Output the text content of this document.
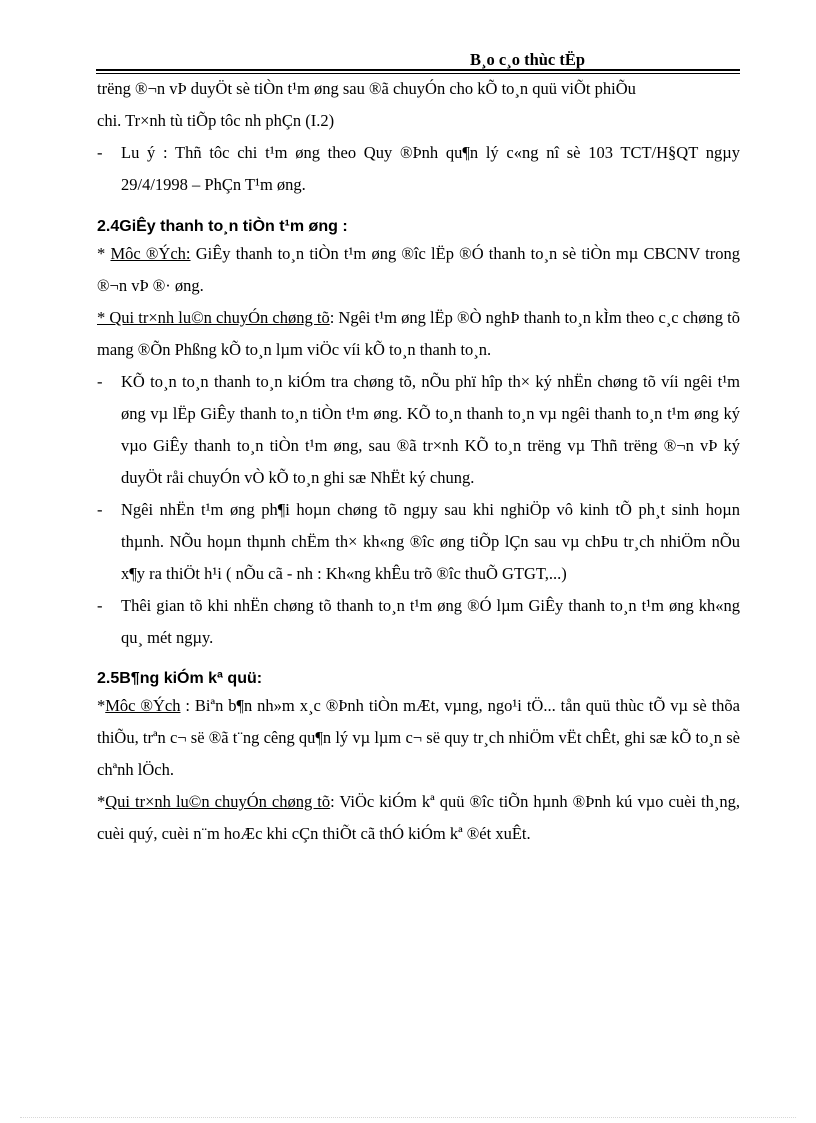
B¸o c¸o thùc tËp

trëng ®¬n vÞ duyÖt sè tiÒn t¹m øng sau ®ã chuyÓn cho kÕ to¸n quü viÕt phiÕu

chi. Tr×nh tù tiÕp tôc nh phÇn (I.2)

- Lu ý : Thñ tôc chi t¹m øng theo Quy ®Þnh qu¶n lý c«ng nî sè 103 TCT/H§QT ngµy 29/4/1998 – PhÇn T¹m øng.

2.4GiÊy thanh to¸n tiÒn t¹m øng :

* Môc ®Ých: GiÊy thanh to¸n tiÒn t¹m øng ®îc lËp ®Ó thanh to¸n sè tiÒn mµ CBCNV trong ®¬n vÞ ®· øng.

* Qui tr×nh lu©n chuyÓn chøng tõ: Ngêi t¹m øng lËp ®Ò nghÞ thanh to¸n kÌm theo c¸c chøng tõ mang ®Õn Phßng kÕ to¸n lµm viÖc víi kÕ to¸n thanh to¸n.

- KÕ to¸n to¸n thanh to¸n kiÓm tra chøng tõ, nÕu phï hîp th× ký nhËn chøng tõ víi ngêi t¹m øng vµ lËp GiÊy thanh to¸n tiÒn t¹m øng. KÕ to¸n thanh to¸n vµ ngêi thanh to¸n t¹m øng ký vµo GiÊy thanh to¸n tiÒn t¹m øng, sau ®ã tr×nh KÕ to¸n trëng vµ Thñ trëng ®¬n vÞ ký duyÖt råi chuyÓn vÒ kÕ to¸n ghi sæ NhËt ký chung.
- Ngêi nhËn t¹m øng ph¶i hoµn chøng tõ ngµy sau khi nghiÖp vô kinh tÕ ph¸t sinh hoµn thµnh. NÕu hoµn thµnh chËm th× kh«ng ®îc øng tiÕp lÇn sau vµ chÞu tr¸ch nhiÖm nÕu x¶y ra thiÖt h¹i ( nÕu cã - nh : Kh«ng khÊu trõ ®îc thuÕ GTGT,...)
- Thêi gian tõ khi nhËn chøng tõ thanh to¸n t¹m øng ®Ó lµm GiÊy thanh to¸n t¹m øng kh«ng qu¸ mét ngµy.

2.5B¶ng kiÓm kª quü:

*Môc ®Ých : Biªn b¶n nh»m x¸c ®Þnh tiÒn mÆt, vµng, ngo¹i tÖ... tån quü thùc tÕ vµ sè thõa thiÕu, trªn c¬ së ®ã t¨ng cêng qu¶n lý vµ lµm c¬ së quy tr¸ch nhiÖm vËt chÊt, ghi sæ kÕ to¸n sè chªnh lÖch.

*Qui tr×nh lu©n chuyÓn chøng tõ: ViÖc kiÓm kª quü ®îc tiÕn hµnh ®Þnh kú vµo cuèi th¸ng, cuèi quý, cuèi n¨m hoÆc khi cÇn thiÕt cã thÓ kiÓm kª ®ét xuÊt.
